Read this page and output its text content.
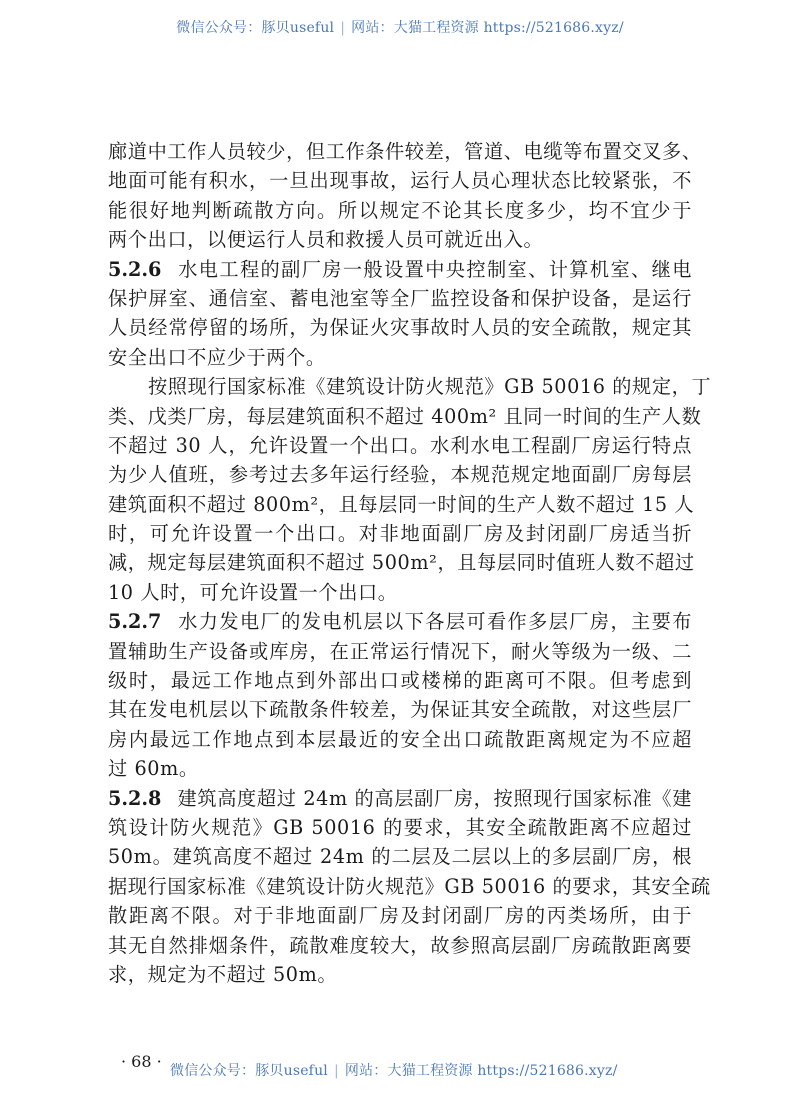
微信公众号：豚贝useful | 网站：大猫工程资源 https://521686.xyz/
廊道中工作人员较少，但工作条件较差，管道、电缆等布置交叉多、
地面可能有积水，一旦出现事故，运行人员心理状态比较紧张，不
能很好地判断疏散方向。所以规定不论其长度多少，均不宜少于
两个出口，以便运行人员和救援人员可就近出入。
5.2.6 水电工程的副厂房一般设置中央控制室、计算机室、继电
保护屏室、通信室、蓄电池室等全厂监控设备和保护设备，是运行
人员经常停留的场所，为保证火灾事故时人员的安全疏散，规定其
安全出口不应少于两个。
按照现行国家标准《建筑设计防火规范》GB 50016 的规定，丁
类、戊类厂房，每层建筑面积不超过 400m² 且同一时间的生产人数
不超过 30 人，允许设置一个出口。水利水电工程副厂房运行特点
为少人值班，参考过去多年运行经验，本规范规定地面副厂房每层
建筑面积不超过 800m²，且每层同一时间的生产人数不超过 15 人
时，可允许设置一个出口。对非地面副厂房及封闭副厂房适当折
减，规定每层建筑面积不超过 500m²，且每层同时值班人数不超过
10 人时，可允许设置一个出口。
5.2.7 水力发电厂的发电机层以下各层可看作多层厂房，主要布
置辅助生产设备或库房，在正常运行情况下，耐火等级为一级、二
级时，最远工作地点到外部出口或楼梯的距离可不限。但考虑到
其在发电机层以下疏散条件较差，为保证其安全疏散，对这些层厂
房内最远工作地点到本层最近的安全出口疏散距离规定为不应超
过 60m。
5.2.8 建筑高度超过 24m 的高层副厂房，按照现行国家标准《建
筑设计防火规范》GB 50016 的要求，其安全疏散距离不应超过
50m。建筑高度不超过 24m 的二层及二层以上的多层副厂房，根
据现行国家标准《建筑设计防火规范》GB 50016 的要求，其安全疏
散距离不限。对于非地面副厂房及封闭副厂房的丙类场所，由于
其无自然排烟条件，疏散难度较大，故参照高层副厂房疏散距离要
求，规定为不超过 50m。
· 68 · 微信公众号：豚贝useful | 网站：大猫工程资源 https://521686.xyz/
